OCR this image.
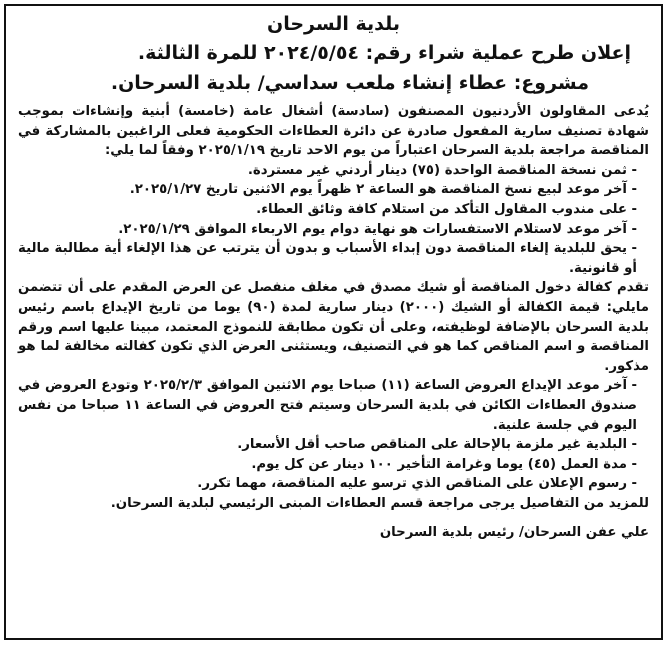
بلدية السرحان
إعلان طرح عملية شراء رقم: ٢٠٢٤/٥/٥٤ للمرة الثالثة.
مشروع: عطاء إنشاء ملعب سداسي/ بلدية السرحان.
يُدعى المقاولون الأردنيون المصنفون (سادسة) أشغال عامة (خامسة) أبنية وإنشاءات بموجب شهادة تصنيف سارية المفعول صادرة عن دائرة العطاءات الحكومية فعلى الراغبين بالمشاركة في المناقصة مراجعة بلدية السرحان اعتباراً من يوم الاحد تاريخ ٢٠٢٥/١/١٩ وفقاً لما يلي:
-ثمن نسخة المناقصة الواحدة (٧٥) دينار أردني غير مستردة.
-آخر موعد لبيع نسخ المناقصة هو الساعة ٢ ظهراً يوم الاثنين تاريخ ٢٠٢٥/١/٢٧.
-على مندوب المقاول التأكد من استلام كافة وثائق العطاء.
-آخر موعد لاستلام الاستفسارات هو نهاية دوام يوم الاربعاء الموافق ٢٠٢٥/١/٢٩.
-يحق للبلدية إلغاء المناقصة دون إبداء الأسباب و بدون أن يترتب عن هذا الإلغاء أية مطالبة مالية أو قانونية.
تقدم كفالة دخول المناقصة أو شيك مصدق في مغلف منفصل عن العرض المقدم على أن تتضمن مايلي: قيمة الكفالة أو الشيك (٢٠٠٠) دينار سارية لمدة (٩٠) يوما من تاريخ الإيداع باسم رئيس بلدية السرحان بالإضافة لوظيفته، وعلى أن تكون مطابقة للنموذج المعتمد، مبينا عليها اسم ورقم المناقصة و اسم المناقص كما هو في التصنيف، ويستثنى العرض الذي تكون كفالته مخالفة لما هو مذكور.
-آخر موعد الإيداع العروض الساعة (١١) صباحا يوم الاثنين الموافق ٢٠٢٥/٢/٣ وتودع العروض في صندوق العطاءات الكائن في بلدية السرحان وسيتم فتح العروض في الساعة ١١ صباحا من نفس اليوم في جلسة علنية.
-البلدية غير ملزمة بالإحالة على المناقص صاحب أقل الأسعار.
-مدة العمل (٤٥) يوما وغرامة التأخير ١٠٠ دينار عن كل يوم.
-رسوم الإعلان على المناقص الذي ترسو عليه المناقصة، مهما تكرر.
للمزيد من التفاصيل يرجى مراجعة قسم العطاءات المبنى الرئيسي لبلدية السرحان.
علي عفن السرحان/ رئيس بلدية السرحان
